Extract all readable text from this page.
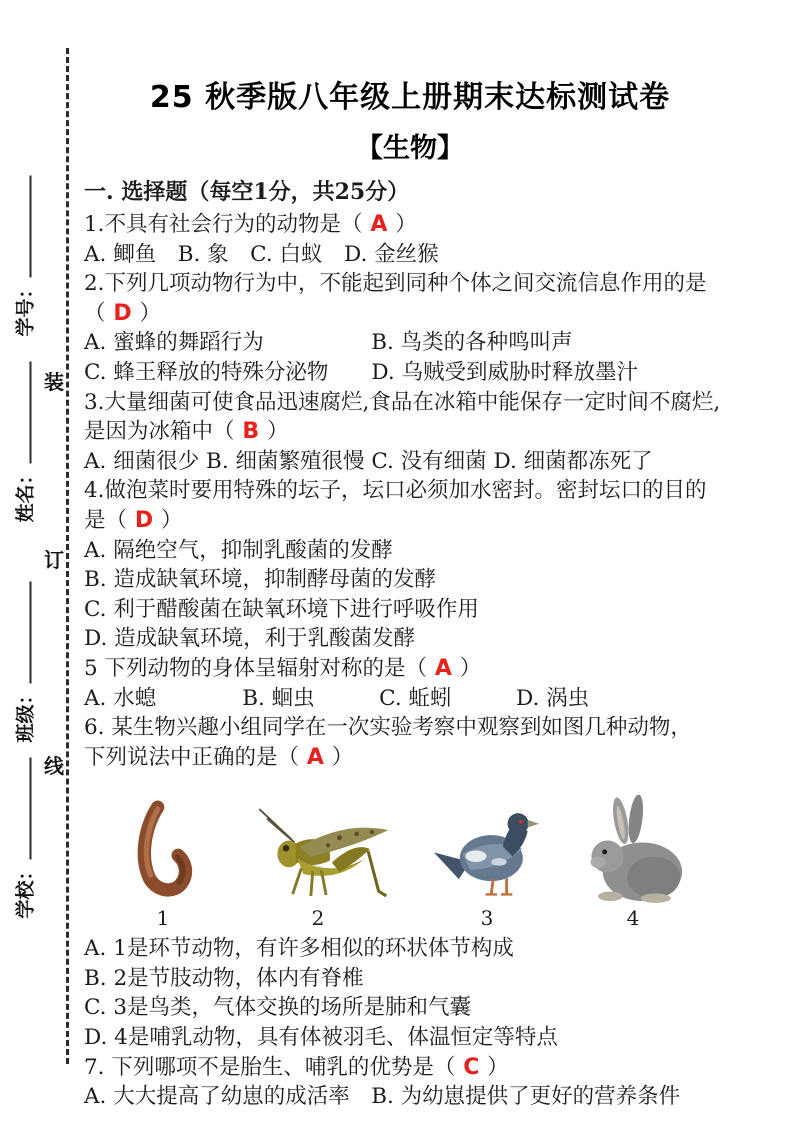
装
订
线
学号：
姓名：
班级：
学校：
25 秋季版八年级上册期末达标测试卷
【生物】
一. 选择题（每空1分，共25分）
1.不具有社会行为的动物是（ A ）
A. 鲫鱼　B. 象　C. 白蚁　D. 金丝猴
2.下列几项动物行为中，不能起到同种个体之间交流信息作用的是
（ D ）
A. 蜜蜂的舞蹈行为　　　　　B. 鸟类的各种鸣叫声
C. 蜂王释放的特殊分泌物　　D. 乌贼受到威胁时释放墨汁
3.大量细菌可使食品迅速腐烂,食品在冰箱中能保存一定时间不腐烂,
是因为冰箱中（ B ）
A. 细菌很少 B. 细菌繁殖很慢 C. 没有细菌 D. 细菌都冻死了
4.做泡菜时要用特殊的坛子，坛口必须加水密封。密封坛口的目的
是（ D ）
A. 隔绝空气，抑制乳酸菌的发酵
B. 造成缺氧环境，抑制酵母菌的发酵
C. 利于醋酸菌在缺氧环境下进行呼吸作用
D. 造成缺氧环境，利于乳酸菌发酵
5 下列动物的身体呈辐射对称的是（ A ）
A. 水螅　　　　B. 蛔虫　　　C. 蚯蚓　　　D. 涡虫
6. 某生物兴趣小组同学在一次实验考察中观察到如图几种动物，
下列说法中正确的是（ A ）
1	2	3	4
A. 1是环节动物，有许多相似的环状体节构成
B. 2是节肢动物，体内有脊椎
C. 3是鸟类，气体交换的场所是肺和气囊
D. 4是哺乳动物，具有体被羽毛、体温恒定等特点
7. 下列哪项不是胎生、哺乳的优势是（ C ）
A. 大大提高了幼崽的成活率　B. 为幼崽提供了更好的营养条件
